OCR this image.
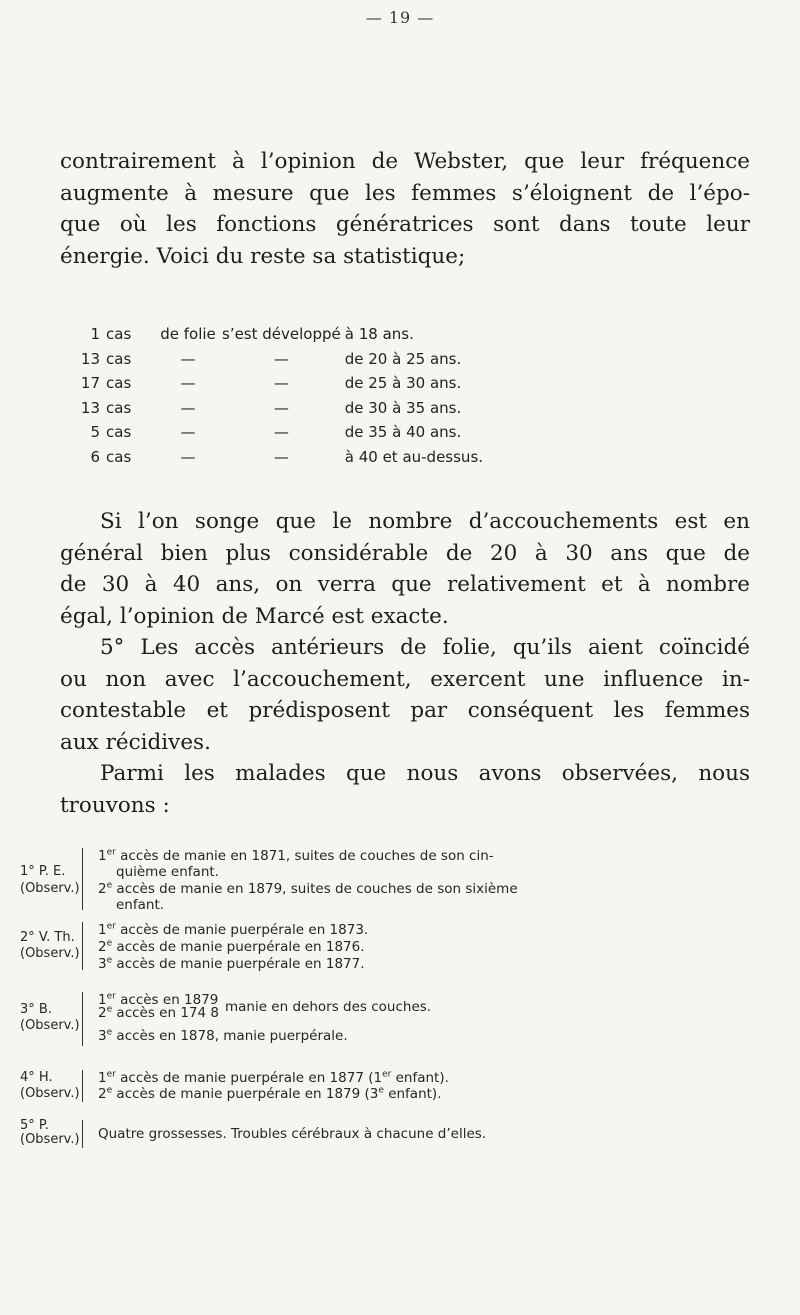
— 19 —

contrairement à l’opinion de Webster, que leur fréquence
augmente à mesure que les femmes s’éloignent de l’épo-
que où les fonctions génératrices sont dans toute leur
énergie. Voici du reste sa statistique;

1	cas	de folie	s’est développé	à 18 ans.
13	cas	—	—	de 20 à 25 ans.
17	cas	—	—	de 25 à 30 ans.
13	cas	—	—	de 30 à 35 ans.
5	cas	—	—	de 35 à 40 ans.
6	cas	—	—	à 40 et au-dessus.

Si l’on songe que le nombre d’accouchements est en
général bien plus considérable de 20 à 30 ans que de
de 30 à 40 ans, on verra que relativement et à nombre
égal, l’opinion de Marcé est exacte.
5° Les accès antérieurs de folie, qu’ils aient coïncidé
ou non avec l’accouchement, exercent une influence in-
contestable et prédisposent par conséquent les femmes
aux récidives.
Parmi les malades que nous avons observées, nous
trouvons :

1° P. E.
(Observ.)
1er accès de manie en 1871, suites de couches de son cin-
quième enfant.
2e accès de manie en 1879, suites de couches de son sixième
enfant.
2° V. Th.
(Observ.)
1er accès de manie puerpérale en 1873.
2e accès de manie puerpérale en 1876.
3e accès de manie puerpérale en 1877.
3° B.
(Observ.)
1er accès en 1879
2e accès en 174 8 manie en dehors des couches.
3e accès en 1878, manie puerpérale.
4° H.
(Observ.)
1er accès de manie puerpérale en 1877 (1er enfant).
2e accès de manie puerpérale en 1879 (3e enfant).
5° P.
(Observ.)	Quatre grossesses. Troubles cérébraux à chacune d’elles.
